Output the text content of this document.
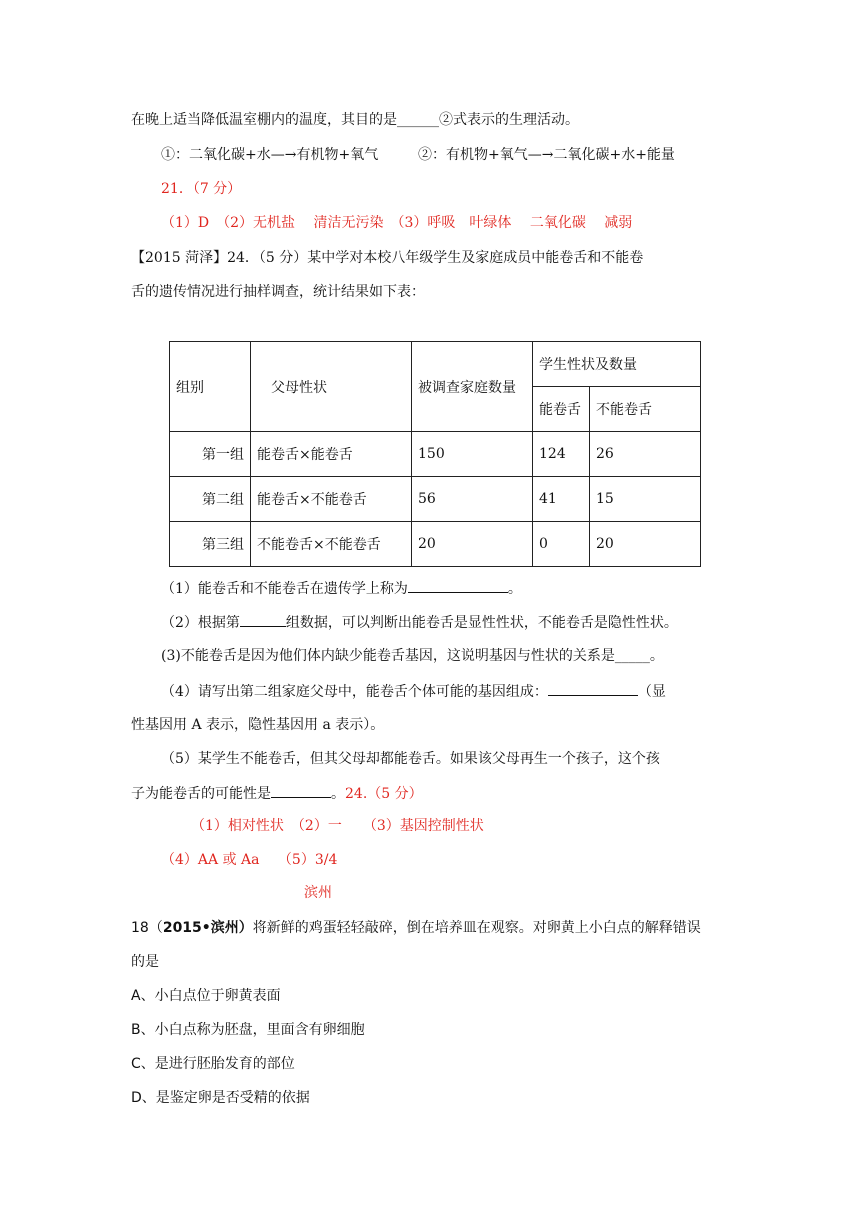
在晚上适当降低温室棚内的温度，其目的是______②式表示的生理活动。
①：二氧化碳+水—→有机物+氧气	②：有机物+氧气—→二氧化碳+水+能量
21．（7 分）
（1）D　（2）无机盐　 清洁无污染　（3）呼吸　叶绿体　 二氧化碳　 减弱
【2015 菏泽】24．（5 分）某中学对本校八年级学生及家庭成员中能卷舌和不能卷
舌的遗传情况进行抽样调查，统计结果如下表：
组别	父母性状	被调查家庭数量	学生性状及数量	
			能卷舌	不能卷舌
第一组	能卷舌×能卷舌	150	124	26
第二组	能卷舌×不能卷舌	56	41	15
第三组	不能卷舌×不能卷舌	20	0	20
（1）能卷舌和不能卷舌在遗传学上称为	。
（2）根据第	组数据，可以判断出能卷舌是显性性状，不能卷舌是隐性性状。
(3)不能卷舌是因为他们体内缺少能卷舌基因，这说明基因与性状的关系是_____。
（4）请写出第二组家庭父母中，能卷舌个体可能的基因组成：	（显
性基因用 A 表示，隐性基因用 a 表示）。
（5）某学生不能卷舌，但其父母却都能卷舌。如果该父母再生一个孩子，这个孩
子为能卷舌的可能性是	。24.（5 分）
（1）相对性状　（2）一　　（3）基因控制性状
（4）AA 或 Aa　 （5）3/4
滨州
18（2015•滨州）将新鲜的鸡蛋轻轻敲碎，倒在培养皿在观察。对卵黄上小白点的解释错误
的是
A、小白点位于卵黄表面
B、小白点称为胚盘，里面含有卵细胞
C、是进行胚胎发育的部位
D、是鉴定卵是否受精的依据
